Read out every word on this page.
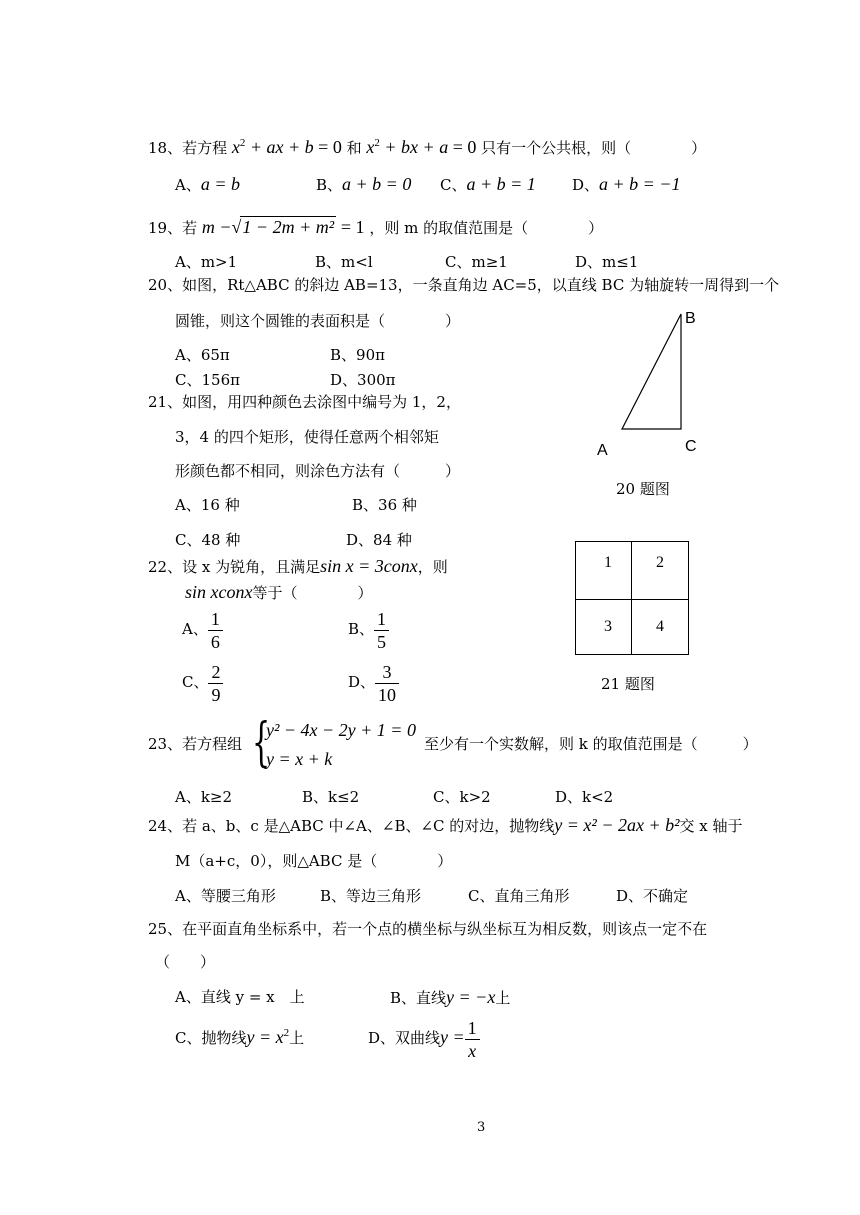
18、若方程 $x^2$ + ax + b = 0 和 $x^2$ + bx + a = 0 只有一个公共根，则（　　　　）
A、a = b	B、a + b = 0 C、a + b = 1 D、a + b = −1
19、若 m −√1 − 2m + m² = 1 ，则 m 的取值范围是（　　　　）
A、m>1	B、m<l	C、m≥1	D、m≤1
20、如图，Rt△ABC 的斜边 AB=13，一条直角边 AC=5，以直线 BC 为轴旋转一周得到一个
圆锥，则这个圆锥的表面积是（　　　　）
A、65π	B、90π
C、156π	D、300π
B
A	C
20 题图
21、如图，用四种颜色去涂图中编号为 1，2，
3，4 的四个矩形，使得任意两个相邻矩
形颜色都不相同，则涂色方法有（　　　）
A、16 种	B、36 种
C、48 种	D、84 种
1	2
3	4
21 题图
22、设 x 为锐角，且满足sin x = 3conx，则
sin xconx等于（　　　　）
A、 $\frac{1}{6}$	B、 $\frac{1}{5}$
C、 $\frac{2}{9}$	D、 $\frac{3}{10}$
23、若方程组 {
y² − 4x − 2y + 1 = 0
y = x + k
至少有一个实数解，则 k 的取值范围是（　　　）
A、k≥2	B、k≤2	C、k>2	D、k<2
24、若 a、b、c 是△ABC 中∠A、∠B、∠C 的对边，抛物线y = x² − 2ax + b²交 x 轴于
M（a+c，0），则△ABC 是（　　　　）
A、等腰三角形	B、等边三角形	C、直角三角形	D、不确定
25、在平面直角坐标系中，若一个点的横坐标与纵坐标互为相反数，则该点一定不在
（　　）
A、直线 y = x　上	B、直线y = −x上
C、抛物线$y = x^2$上	D、双曲线$y = \frac{1}{x}$
3
